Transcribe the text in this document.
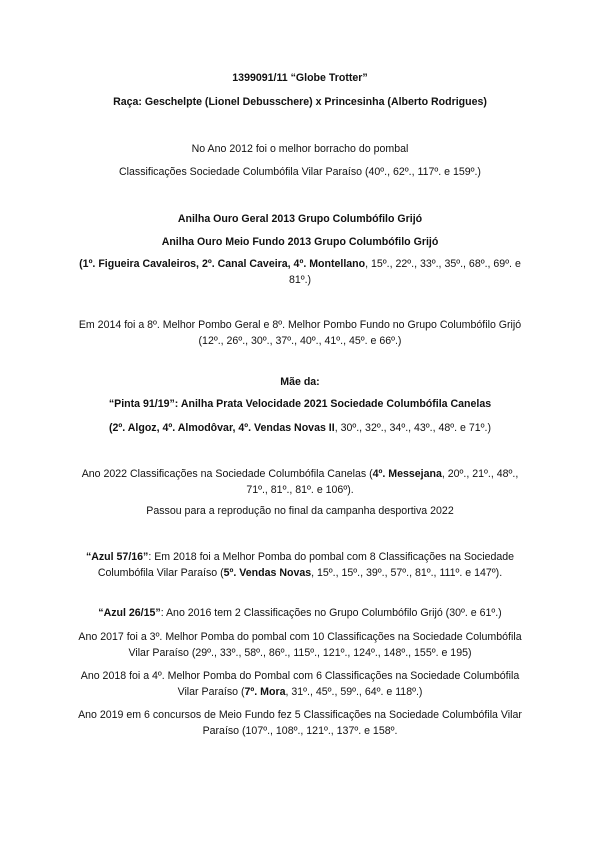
1399091/11 “Globe Trotter”

Raça: Geschelpte (Lionel Debusschere) x Princesinha (Alberto Rodrigues)

No Ano 2012 foi o melhor borracho do pombal

Classificações Sociedade Columbófila Vilar Paraíso (40º., 62º., 117º. e 159º.)

Anilha Ouro Geral 2013 Grupo Columbófilo Grijó

Anilha Ouro Meio Fundo 2013 Grupo Columbófilo Grijó

(1º. Figueira Cavaleiros, 2º. Canal Caveira, 4º. Montellano, 15º., 22º., 33º., 35º., 68º., 69º. e 81º.)

Em 2014 foi a 8º. Melhor Pombo Geral e 8º. Melhor Pombo Fundo no Grupo Columbófilo Grijó (12º., 26º., 30º., 37º., 40º., 41º., 45º. e 66º.)

Mãe da:

“Pinta 91/19”: Anilha Prata Velocidade 2021 Sociedade Columbófila Canelas

(2º. Algoz, 4º. Almodôvar, 4º. Vendas Novas II, 30º., 32º., 34º., 43º., 48º. e 71º.)

Ano 2022 Classificações na Sociedade Columbófila Canelas (4º. Messejana, 20º., 21º., 48º., 71º., 81º., 81º. e 106º).

Passou para a reprodução no final da campanha desportiva 2022

“Azul 57/16”: Em 2018 foi a Melhor Pomba do pombal com 8 Classificações na Sociedade Columbófila Vilar Paraíso (5º. Vendas Novas, 15º., 15º., 39º., 57º., 81º., 111º. e 147º).

“Azul 26/15”: Ano 2016 tem 2 Classificações no Grupo Columbófilo Grijó (30º. e 61º.)

Ano 2017 foi a 3º. Melhor Pomba do pombal com 10 Classificações na Sociedade Columbófila Vilar Paraíso (29º., 33º., 58º., 86º., 115º., 121º., 124º., 148º., 155º. e 195)

Ano 2018 foi a 4º. Melhor Pomba do Pombal com 6 Classificações na Sociedade Columbófila Vilar Paraíso (7º. Mora, 31º., 45º., 59º., 64º. e 118º.)

Ano 2019 em 6 concursos de Meio Fundo fez 5 Classificações na Sociedade Columbófila Vilar Paraíso (107º., 108º., 121º., 137º. e 158º.
